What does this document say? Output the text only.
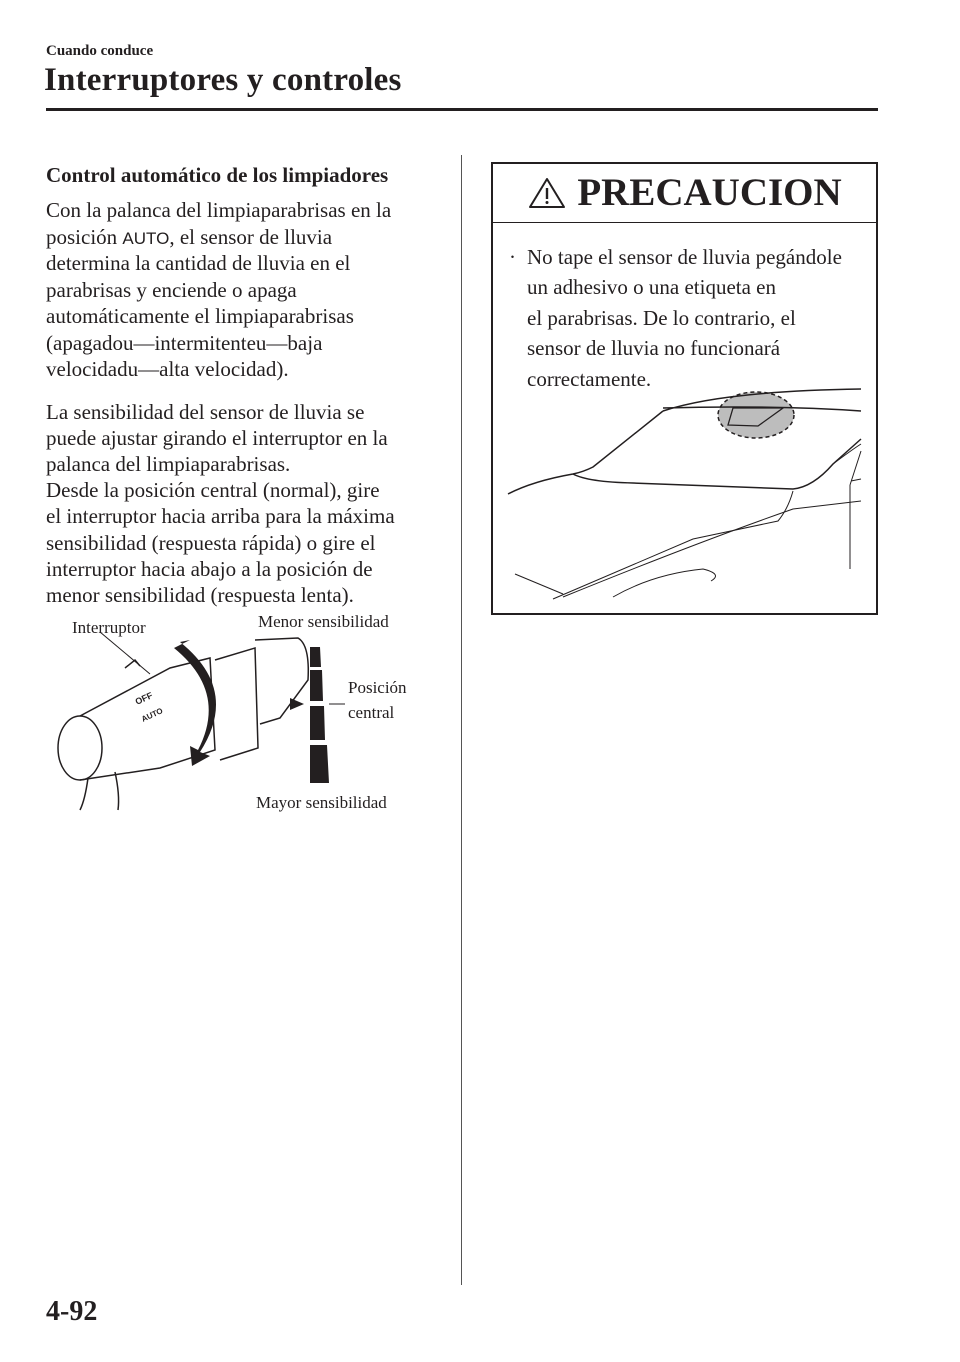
Cuando conduce
Interruptores y controles
Control automático de los limpiadores
Con la palanca del limpiaparabrisas en la
posición AUTO, el sensor de lluvia
determina la cantidad de lluvia en el
parabrisas y enciende o apaga
automáticamente el limpiaparabrisas
(apagadou—intermitenteu—baja
velocidadu—alta velocidad).
La sensibilidad del sensor de lluvia se
puede ajustar girando el interruptor en la
palanca del limpiaparabrisas.
Desde la posición central (normal), gire
el interruptor hacia arriba para la máxima
sensibilidad (respuesta rápida) o gire el
interruptor hacia abajo a la posición de
menor sensibilidad (respuesta lenta).
OFF
AUTO
Interruptor	Menor sensibilidad
Posición
central
Mayor sensibilidad
PRECAUCION
· No tape el sensor de lluvia pegándole
un adhesivo o una etiqueta en
el parabrisas. De lo contrario, el
sensor de lluvia no funcionará
correctamente.
4-92
